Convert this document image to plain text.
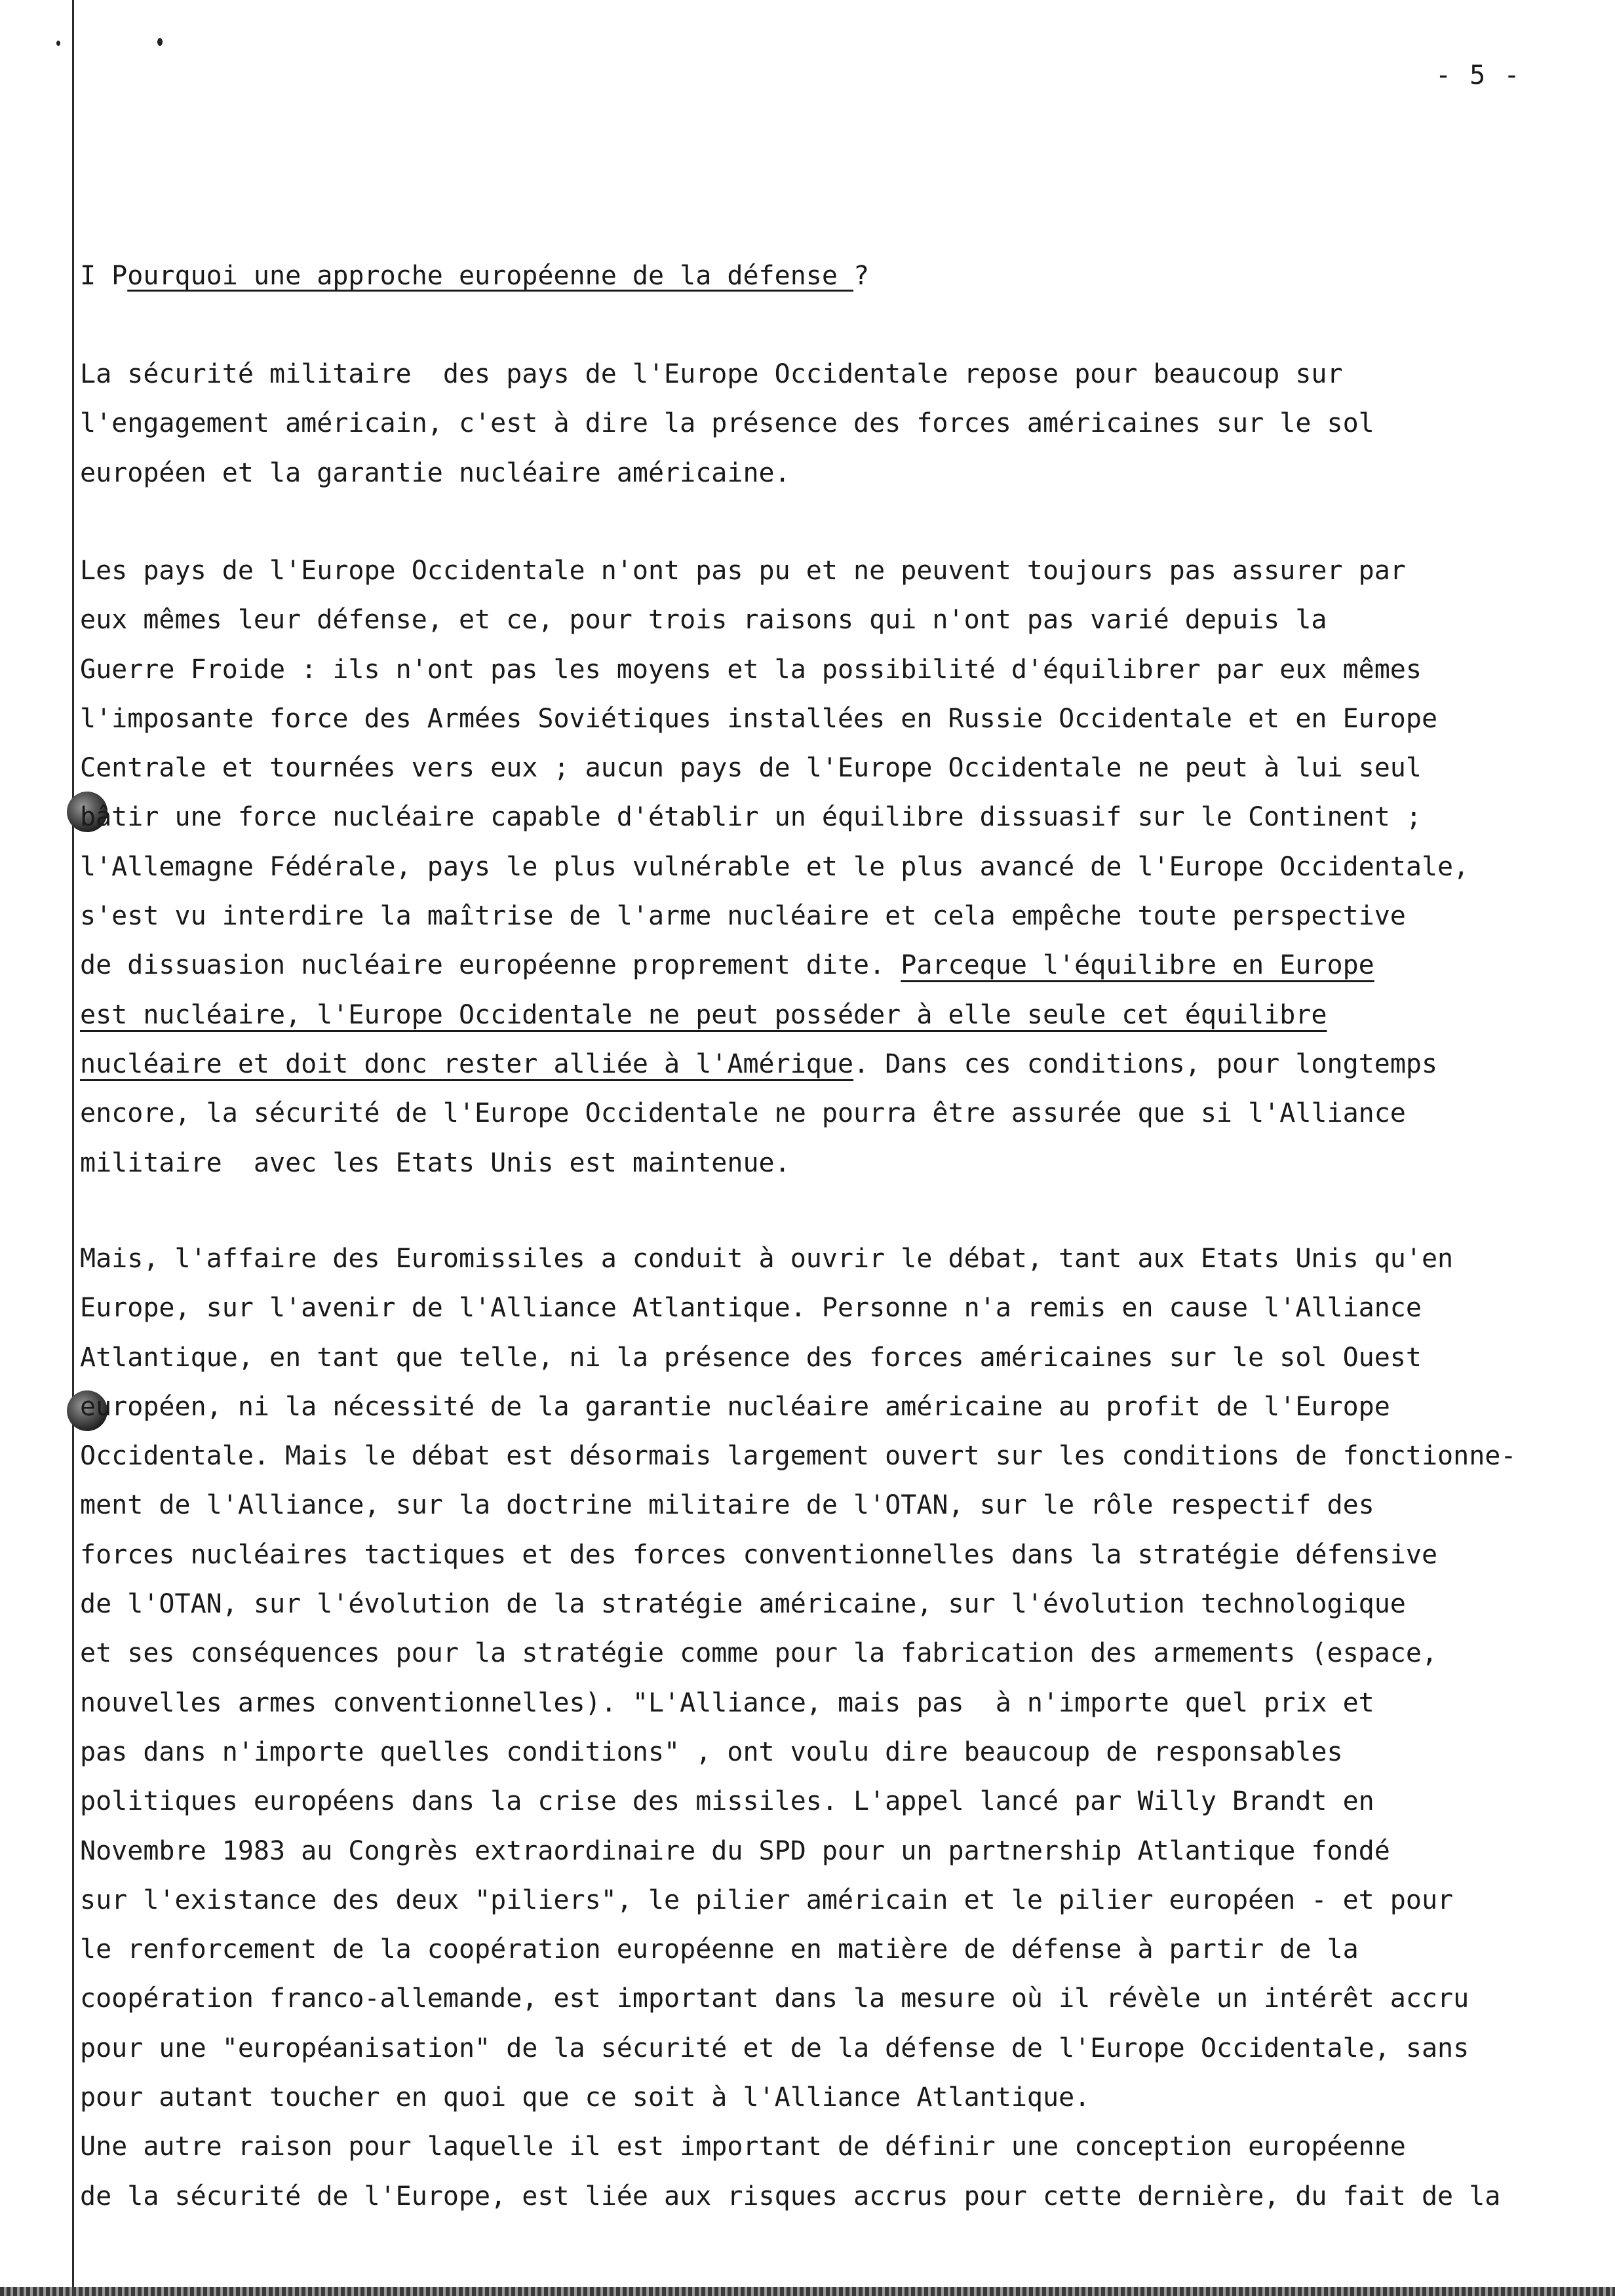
- 5 -
I Pourquoi une approche européenne de la défense ?
La sécurité militaire  des pays de l'Europe Occidentale repose pour beaucoup sur
l'engagement américain, c'est à dire la présence des forces américaines sur le sol
européen et la garantie nucléaire américaine.
Les pays de l'Europe Occidentale n'ont pas pu et ne peuvent toujours pas assurer par
eux mêmes leur défense, et ce, pour trois raisons qui n'ont pas varié depuis la
Guerre Froide : ils n'ont pas les moyens et la possibilité d'équilibrer par eux mêmes
l'imposante force des Armées Soviétiques installées en Russie Occidentale et en Europe
Centrale et tournées vers eux ; aucun pays de l'Europe Occidentale ne peut à lui seul
bâtir une force nucléaire capable d'établir un équilibre dissuasif sur le Continent ;
l'Allemagne Fédérale, pays le plus vulnérable et le plus avancé de l'Europe Occidentale,
s'est vu interdire la maîtrise de l'arme nucléaire et cela empêche toute perspective
de dissuasion nucléaire européenne proprement dite. Parceque l'équilibre en Europe
est nucléaire, l'Europe Occidentale ne peut posséder à elle seule cet équilibre
nucléaire et doit donc rester alliée à l'Amérique. Dans ces conditions, pour longtemps
encore, la sécurité de l'Europe Occidentale ne pourra être assurée que si l'Alliance
militaire  avec les Etats Unis est maintenue.
Mais, l'affaire des Euromissiles a conduit à ouvrir le débat, tant aux Etats Unis qu'en
Europe, sur l'avenir de l'Alliance Atlantique. Personne n'a remis en cause l'Alliance
Atlantique, en tant que telle, ni la présence des forces américaines sur le sol Ouest
européen, ni la nécessité de la garantie nucléaire américaine au profit de l'Europe
Occidentale. Mais le débat est désormais largement ouvert sur les conditions de fonctionne-
ment de l'Alliance, sur la doctrine militaire de l'OTAN, sur le rôle respectif des
forces nucléaires tactiques et des forces conventionnelles dans la stratégie défensive
de l'OTAN, sur l'évolution de la stratégie américaine, sur l'évolution technologique
et ses conséquences pour la stratégie comme pour la fabrication des armements (espace,
nouvelles armes conventionnelles). "L'Alliance, mais pas  à n'importe quel prix et
pas dans n'importe quelles conditions" , ont voulu dire beaucoup de responsables
politiques européens dans la crise des missiles. L'appel lancé par Willy Brandt en
Novembre 1983 au Congrès extraordinaire du SPD pour un partnership Atlantique fondé
sur l'existance des deux "piliers", le pilier américain et le pilier européen - et pour
le renforcement de la coopération européenne en matière de défense à partir de la
coopération franco-allemande, est important dans la mesure où il révèle un intérêt accru
pour une "européanisation" de la sécurité et de la défense de l'Europe Occidentale, sans
pour autant toucher en quoi que ce soit à l'Alliance Atlantique.
Une autre raison pour laquelle il est important de définir une conception européenne
de la sécurité de l'Europe, est liée aux risques accrus pour cette dernière, du fait de la
